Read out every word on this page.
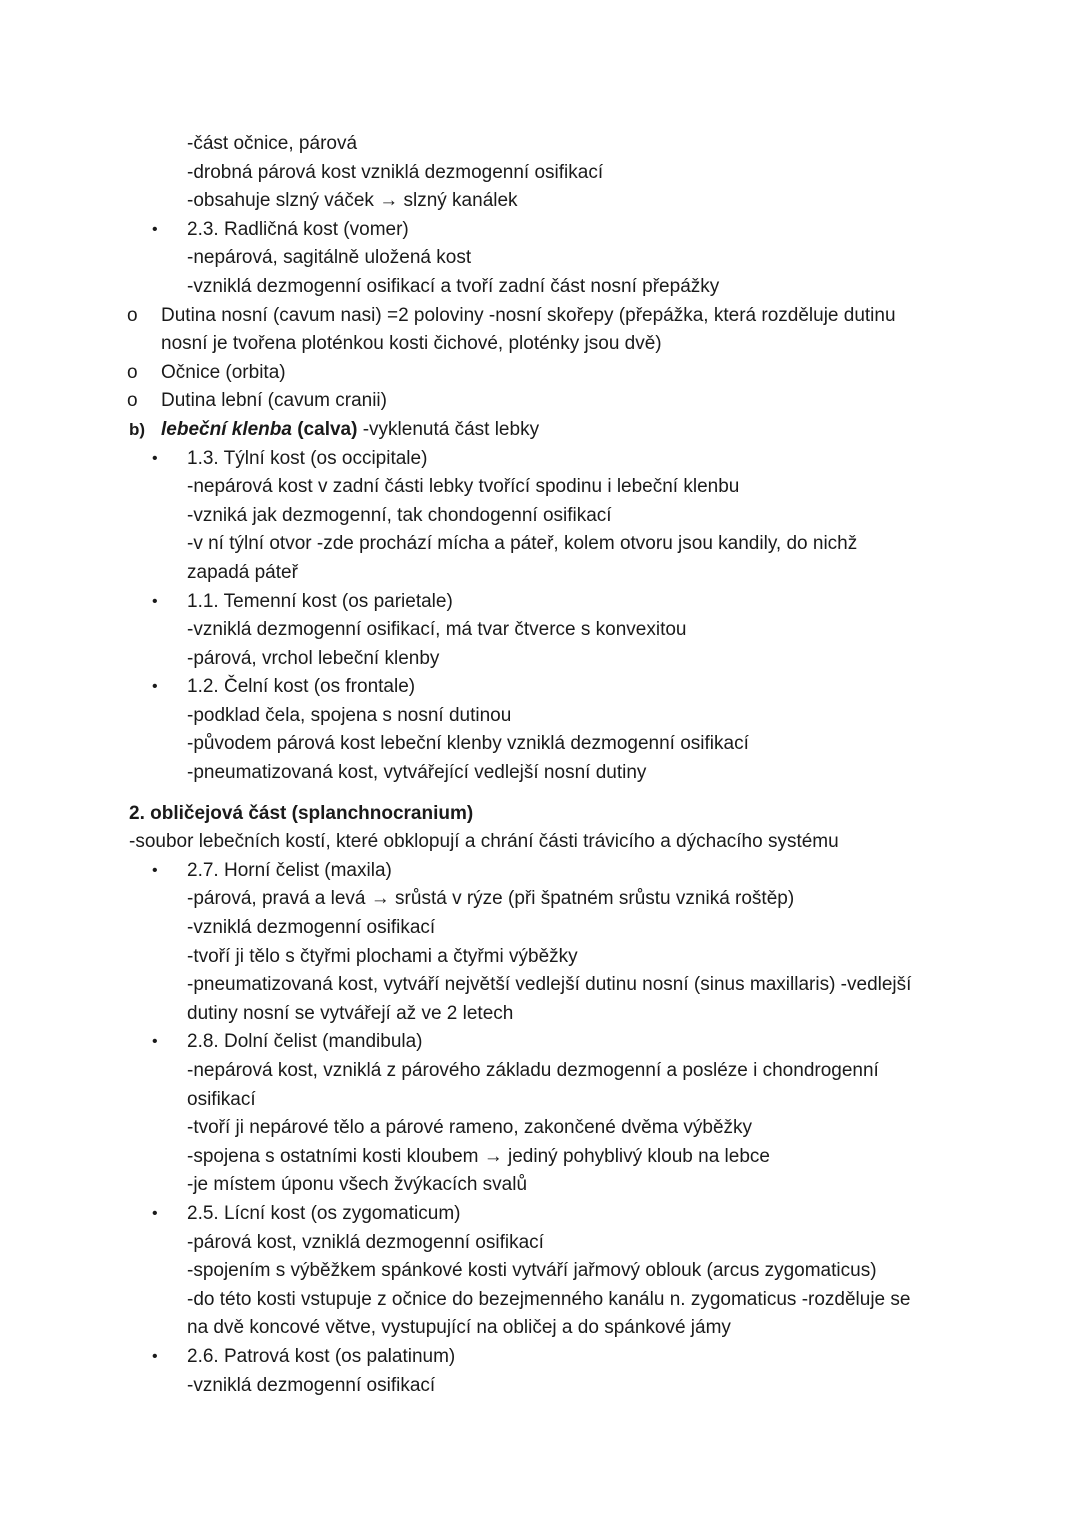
-část očnice, párová
-drobná párová kost vzniklá dezmogenní osifikací
-obsahuje slzný váček → slzný kanálek
• 2.3. Radličná kost (vomer)
-nepárová, sagitálně uložená kost
-vzniklá dezmogenní osifikací a tvoří zadní část nosní přepážky
o Dutina nosní (cavum nasi) =2 poloviny -nosní skořepy (přepážka, která rozděluje dutinu
nosní je tvořena ploténkou kosti čichové, ploténky jsou dvě)
o Očnice (orbita)
o Dutina lební (cavum cranii)
b) lebeční klenba (calva) -vyklenutá část lebky
• 1.3. Týlní kost (os occipitale)
-nepárová kost v zadní části lebky tvořící spodinu i lebeční klenbu
-vzniká jak dezmogenní, tak chondogenní osifikací
-v ní týlní otvor -zde prochází mícha a páteř, kolem otvoru jsou kandily, do nichž
zapadá páteř
• 1.1. Temenní kost (os parietale)
-vzniklá dezmogenní osifikací, má tvar čtverce s konvexitou
-párová, vrchol lebeční klenby
• 1.2. Čelní kost (os frontale)
-podklad čela, spojena s nosní dutinou
-původem párová kost lebeční klenby vzniklá dezmogenní osifikací
-pneumatizovaná kost, vytvářející vedlejší nosní dutiny
2. obličejová část (splanchnocranium)
-soubor lebečních kostí, které obklopují a chrání části trávicího a dýchacího systému
• 2.7. Horní čelist (maxila)
-párová, pravá a levá → srůstá v rýze (při špatném srůstu vzniká roštěp)
-vzniklá dezmogenní osifikací
-tvoří ji tělo s čtyřmi plochami a čtyřmi výběžky
-pneumatizovaná kost, vytváří největší vedlejší dutinu nosní (sinus maxillaris) -vedlejší
dutiny nosní se vytvářejí až ve 2 letech
• 2.8. Dolní čelist (mandibula)
-nepárová kost, vzniklá z párového základu dezmogenní a posléze i chondrogenní
osifikací
-tvoří ji nepárové tělo a párové rameno, zakončené dvěma výběžky
-spojena s ostatními kosti kloubem → jediný pohyblivý kloub na lebce
-je místem úponu všech žvýkacích svalů
• 2.5. Lícní kost (os zygomaticum)
-párová kost, vzniklá dezmogenní osifikací
-spojením s výběžkem spánkové kosti vytváří jařmový oblouk (arcus zygomaticus)
-do této kosti vstupuje z očnice do bezejmenného kanálu n. zygomaticus -rozděluje se
na dvě koncové větve, vystupující na obličej a do spánkové jámy
• 2.6. Patrová kost (os palatinum)
-vzniklá dezmogenní osifikací
